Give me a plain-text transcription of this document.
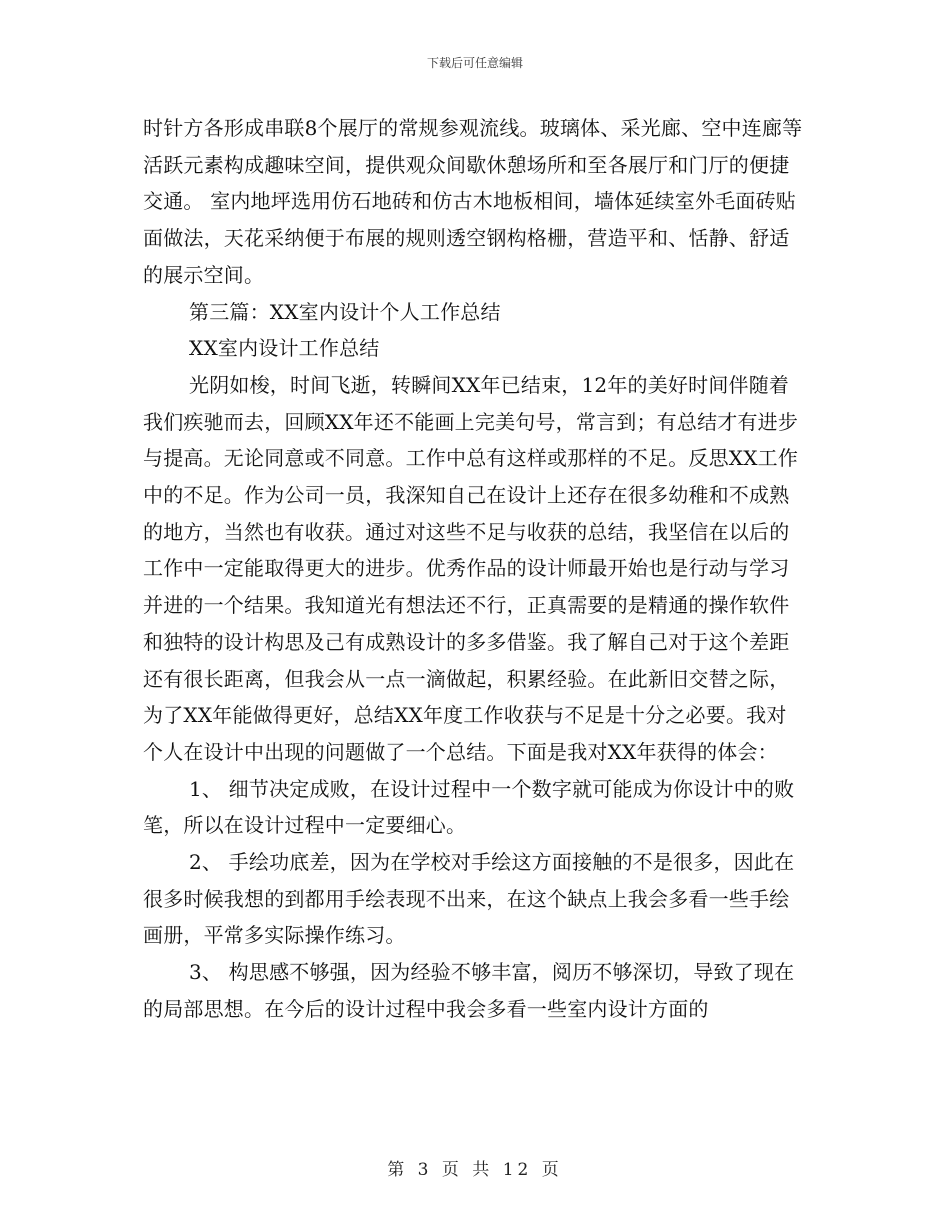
下载后可任意编辑

时针方各形成串联8个展厅的常规参观流线。玻璃体、采光廊、空中连廊等活跃元素构成趣味空间，提供观众间歇休憩场所和至各展厅和门厅的便捷交通。 室内地坪选用仿石地砖和仿古木地板相间，墙体延续室外毛面砖贴面做法，天花采纳便于布展的规则透空钢构格栅，营造平和、恬静、舒适的展示空间。

第三篇：XX室内设计个人工作总结

XX室内设计工作总结

光阴如梭，时间飞逝，转瞬间XX年已结束，12年的美好时间伴随着我们疾驰而去，回顾XX年还不能画上完美句号，常言到；有总结才有进步与提高。无论同意或不同意。工作中总有这样或那样的不足。反思XX工作中的不足。作为公司一员，我深知自己在设计上还存在很多幼稚和不成熟的地方，当然也有收获。通过对这些不足与收获的总结，我坚信在以后的工作中一定能取得更大的进步。优秀作品的设计师最开始也是行动与学习并进的一个结果。我知道光有想法还不行，正真需要的是精通的操作软件和独特的设计构思及己有成熟设计的多多借鉴。我了解自己对于这个差距还有很长距离，但我会从一点一滴做起，积累经验。在此新旧交替之际，为了XX年能做得更好，总结XX年度工作收获与不足是十分之必要。我对个人在设计中出现的问题做了一个总结。下面是我对XX年获得的体会：

1、 细节决定成败，在设计过程中一个数字就可能成为你设计中的败笔，所以在设计过程中一定要细心。

2、 手绘功底差，因为在学校对手绘这方面接触的不是很多，因此在很多时候我想的到都用手绘表现不出来，在这个缺点上我会多看一些手绘画册，平常多实际操作练习。

3、 构思感不够强，因为经验不够丰富，阅历不够深切，导致了现在的局部思想。在今后的设计过程中我会多看一些室内设计方面的

第 3 页 共 12 页
